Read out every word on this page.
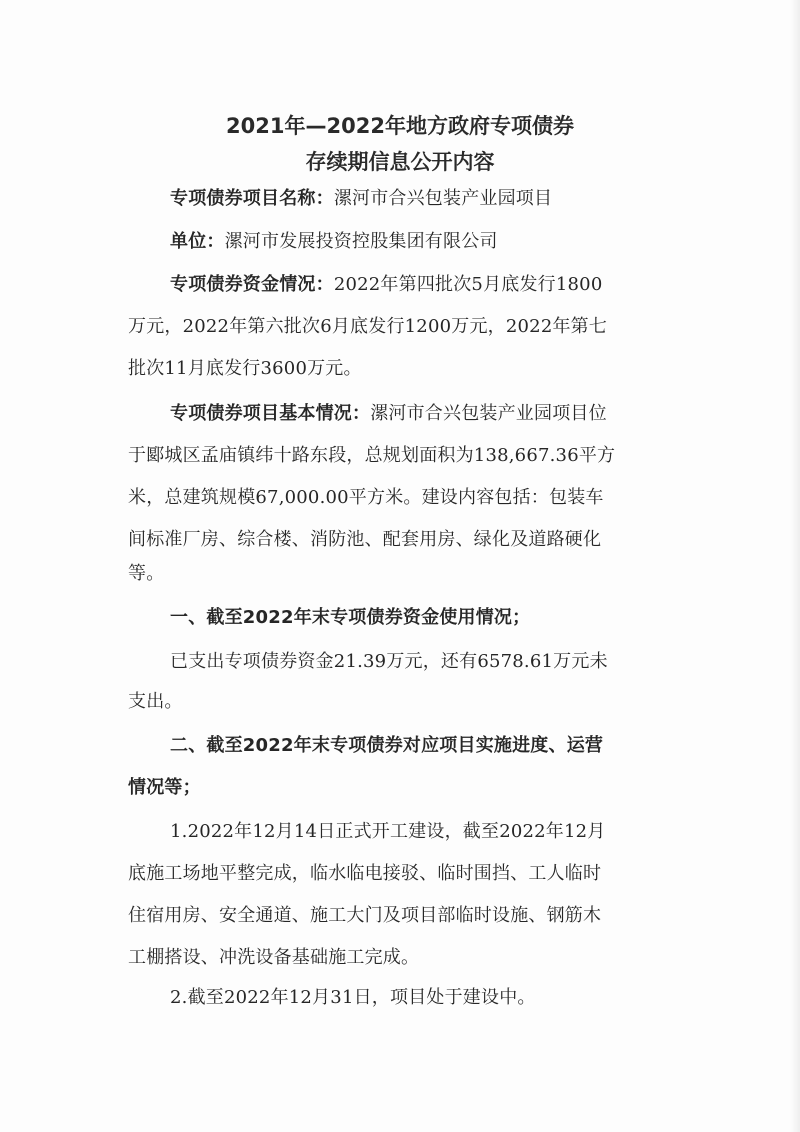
2021年—2022年地方政府专项债券
存续期信息公开内容
专项债券项目名称：漯河市合兴包装产业园项目
单位：漯河市发展投资控股集团有限公司
专项债券资金情况：2022年第四批次5月底发行1800
万元，2022年第六批次6月底发行1200万元，2022年第七
批次11月底发行3600万元。
专项债券项目基本情况：漯河市合兴包装产业园项目位
于郾城区孟庙镇纬十路东段，总规划面积为138,667.36平方
米，总建筑规模67,000.00平方米。建设内容包括：包装车
间标准厂房、综合楼、消防池、配套用房、绿化及道路硬化
等。
一、截至2022年末专项债券资金使用情况；
已支出专项债券资金21.39万元，还有6578.61万元未
支出。
二、截至2022年末专项债券对应项目实施进度、运营
情况等；
1.2022年12月14日正式开工建设，截至2022年12月
底施工场地平整完成，临水临电接驳、临时围挡、工人临时
住宿用房、安全通道、施工大门及项目部临时设施、钢筋木
工棚搭设、冲洗设备基础施工完成。
2.截至2022年12月31日，项目处于建设中。
